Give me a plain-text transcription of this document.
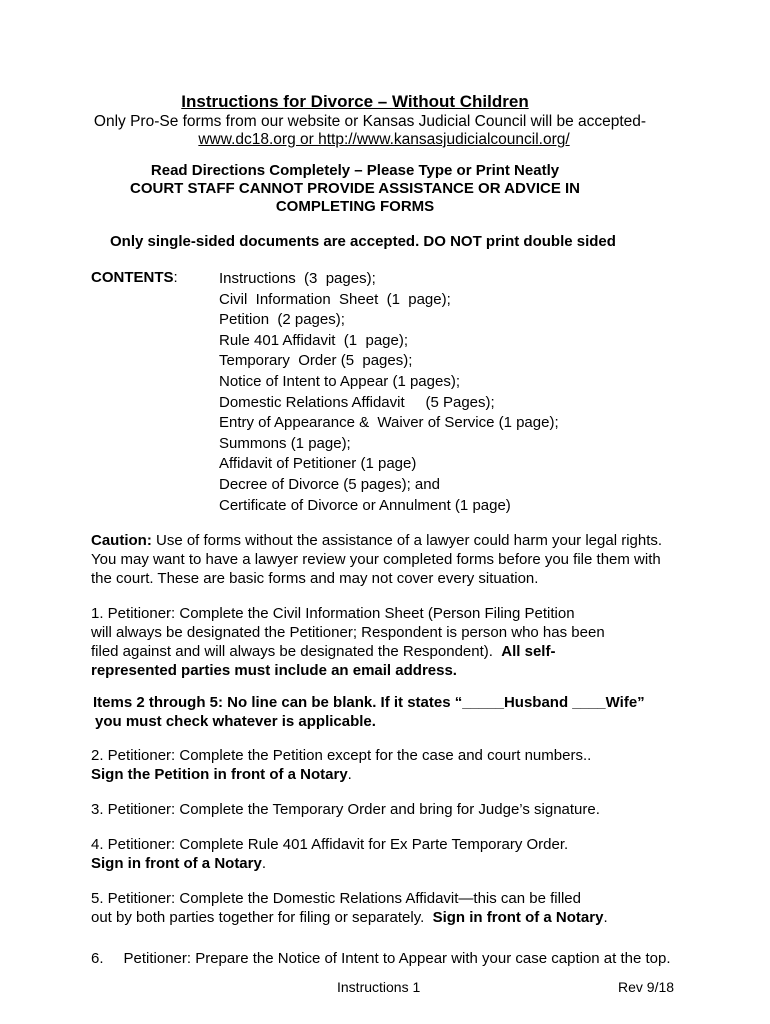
Instructions for Divorce – Without Children
Only Pro-Se forms from our website or Kansas Judicial Council will be accepted-
www.dc18.org or http://www.kansasjudicialcouncil.org/
Read Directions Completely – Please Type or Print Neatly
COURT STAFF CANNOT PROVIDE ASSISTANCE OR ADVICE IN
COMPLETING FORMS
Only single-sided documents are accepted. DO NOT print double sided
CONTENTS:	Instructions  (3  pages);
Civil  Information  Sheet  (1  page);
Petition  (2 pages);
Rule 401 Affidavit  (1  page);
Temporary  Order (5  pages);
Notice of Intent to Appear (1 pages);
Domestic Relations Affidavit     (5 Pages);
Entry of Appearance &  Waiver of Service (1 page);
Summons (1 page);
Affidavit of Petitioner (1 page)
Decree of Divorce (5 pages); and
Certificate of Divorce or Annulment (1 page)
Caution: Use of forms without the assistance of a lawyer could harm your legal rights.
You may want to have a lawyer review your completed forms before you file them with
the court. These are basic forms and may not cover every situation.
1. Petitioner: Complete the Civil Information Sheet (Person Filing Petition
will always be designated the Petitioner; Respondent is person who has been
filed against and will always be designated the Respondent). All self-
represented parties must include an email address.
Items 2 through 5: No line can be blank. If it states “_____Husband ____Wife”
you must check whatever is applicable.
2. Petitioner: Complete the Petition except for the case and court numbers..
Sign the Petition in front of a Notary.
3. Petitioner: Complete the Temporary Order and bring for Judge’s signature.
4. Petitioner: Complete Rule 401 Affidavit for Ex Parte Temporary Order.
Sign in front of a Notary.
5. Petitioner: Complete the Domestic Relations Affidavit—this can be filled
out by both parties together for filing or separately. Sign in front of a Notary.
6. Petitioner: Prepare the Notice of Intent to Appear with your case caption at the top.
Instructions 1	Rev 9/18
